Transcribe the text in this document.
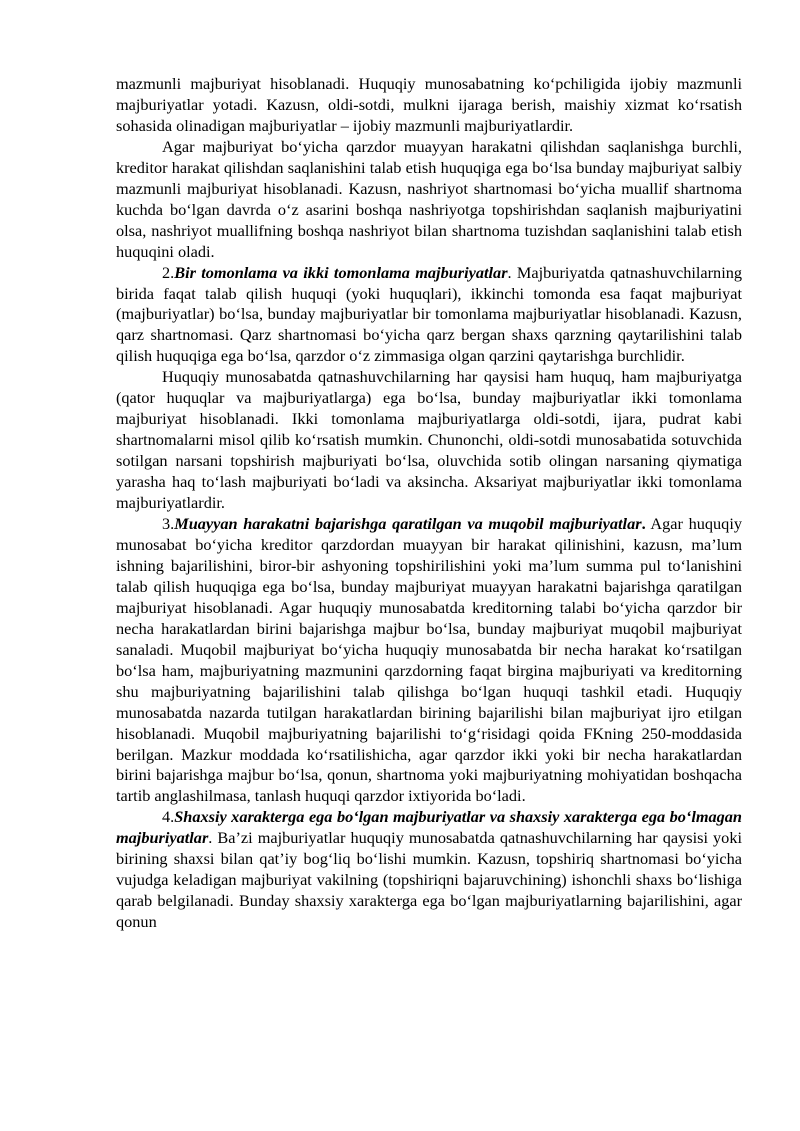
mazmunli majburiyat hisoblanadi. Huquqiy munosabatning ko‘pchiligida ijobiy mazmunli majburiyatlar yotadi. Kazusn, oldi-sotdi, mulkni ijaraga berish, maishiy xizmat ko‘rsatish sohasida olinadigan majburiyatlar – ijobiy mazmunli majburiyatlardir.

Agar majburiyat bo‘yicha qarzdor muayyan harakatni qilishdan saqlanishga burchli, kreditor harakat qilishdan saqlanishini talab etish huquqiga ega bo‘lsa bunday majburiyat salbiy mazmunli majburiyat hisoblanadi. Kazusn, nashriyot shartnomasi bo‘yicha muallif shartnoma kuchda bo‘lgan davrda o‘z asarini boshqa nashriyotga topshirishdan saqlanish majburiyatini olsa, nashriyot muallifning boshqa nashriyot bilan shartnoma tuzishdan saqlanishini talab etish huquqini oladi.

2.Bir tomonlama va ikki tomonlama majburiyatlar. Majburiyatda qatnashuvchilarning birida faqat talab qilish huquqi (yoki huquqlari), ikkinchi tomonda esa faqat majburiyat (majburiyatlar) bo‘lsa, bunday majburiyatlar bir tomonlama majburiyatlar hisoblanadi. Kazusn, qarz shartnomasi. Qarz shartnomasi bo‘yicha qarz bergan shaxs qarzning qaytarilishini talab qilish huquqiga ega bo‘lsa, qarzdor o‘z zimmasiga olgan qarzini qaytarishga burchlidir.

Huquqiy munosabatda qatnashuvchilarning har qaysisi ham huquq, ham majburiyatga (qator huquqlar va majburiyatlarga) ega bo‘lsa, bunday majburiyatlar ikki tomonlama majburiyat hisoblanadi. Ikki tomonlama majburiyatlarga oldi-sotdi, ijara, pudrat kabi shartnomalarni misol qilib ko‘rsatish mumkin. Chunonchi, oldi-sotdi munosabatida sotuvchida sotilgan narsani topshirish majburiyati bo‘lsa, oluvchida sotib olingan narsaning qiymatiga yarasha haq to‘lash majburiyati bo‘ladi va aksincha. Aksariyat majburiyatlar ikki tomonlama majburiyatlardir.

3.Muayyan harakatni bajarishga qaratilgan va muqobil majburiyatlar. Agar huquqiy munosabat bo‘yicha kreditor qarzdordan muayyan bir harakat qilinishini, kazusn, ma’lum ishning bajarilishini, biror-bir ashyoning topshirilishini yoki ma’lum summa pul to‘lanishini talab qilish huquqiga ega bo‘lsa, bunday majburiyat muayyan harakatni bajarishga qaratilgan majburiyat hisoblanadi. Agar huquqiy munosabatda kreditorning talabi bo‘yicha qarzdor bir necha harakatlardan birini bajarishga majbur bo‘lsa, bunday majburiyat muqobil majburiyat sanaladi. Muqobil majburiyat bo‘yicha huquqiy munosabatda bir necha harakat ko‘rsatilgan bo‘lsa ham, majburiyatning mazmunini qarzdorning faqat birgina majburiyati va kreditorning shu majburiyatning bajarilishini talab qilishga bo‘lgan huquqi tashkil etadi. Huquqiy munosabatda nazarda tutilgan harakatlardan birining bajarilishi bilan majburiyat ijro etilgan hisoblanadi. Muqobil majburiyatning bajarilishi to‘g‘risidagi qoida FKning 250-moddasida berilgan. Mazkur moddada ko‘rsatilishicha, agar qarzdor ikki yoki bir necha harakatlardan birini bajarishga majbur bo‘lsa, qonun, shartnoma yoki majburiyatning mohiyatidan boshqacha tartib anglashilmasa, tanlash huquqi qarzdor ixtiyorida bo‘ladi.

4.Shaxsiy xarakterga ega bo‘lgan majburiyatlar va shaxsiy xarakterga ega bo‘lmagan majburiyatlar. Ba’zi majburiyatlar huquqiy munosabatda qatnashuvchilarning har qaysisi yoki birining shaxsi bilan qat’iy bog‘liq bo‘lishi mumkin. Kazusn, topshiriq shartnomasi bo‘yicha vujudga keladigan majburiyat vakilning (topshiriqni bajaruvchining) ishonchli shaxs bo‘lishiga qarab belgilanadi. Bunday shaxsiy xarakterga ega bo‘lgan majburiyatlarning bajarilishini, agar qonun
